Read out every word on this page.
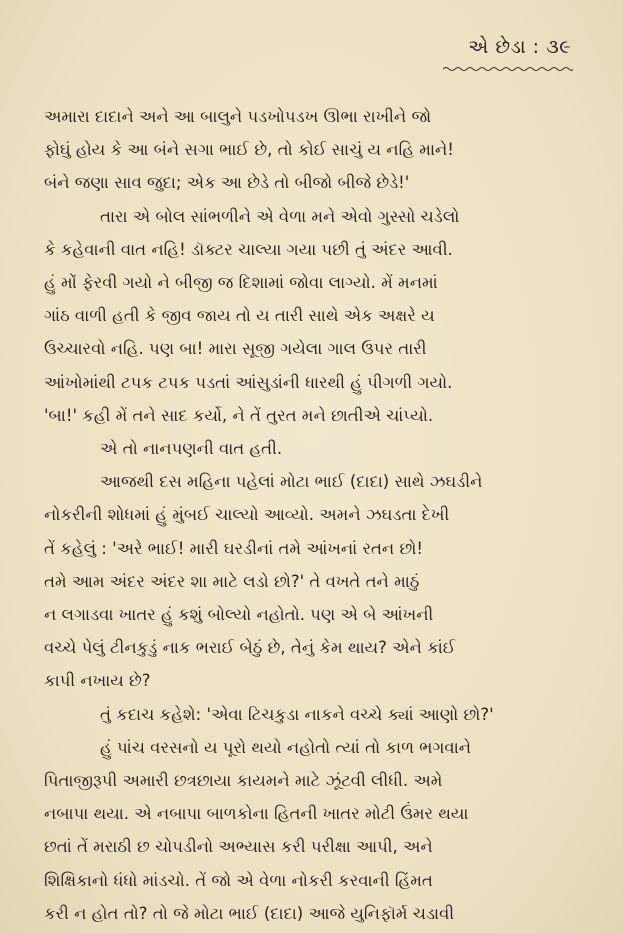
એ છેડા : ૩૯

અમારા દાદાને અને આ બાલુને પડખોપડખ ઊભા રાખીને જો

ફોઘું હોય કે આ બંને સગા ભાઈ છે, તો કોઈ સાચું ય નહિ માને!

બંને જણા સાવ જુદા; એક આ છેડે તો બીજો બીજે છેડે!'

તારા એ બોલ સાંભળીને એ વેળા મને એવો ગુસ્સો ચડેલો

કે કહેવાની વાત નહિ! ડૉક્ટર ચાલ્યા ગયા પછી તું અંદર આવી.

હું મોં ફેરવી ગયો ને બીજી જ દિશામાં જોવા લાગ્યો. મેં મનમાં

ગાંઠ વાળી હતી કે જીવ જાય તો ય તારી સાથે એક અક્ષરે ય

ઉચ્ચારવો નહિ. પણ બા! મારા સૂજી ગયેલા ગાલ ઉપર તારી

આંખોમાંથી ટપક ટપક પડતાં આંસુડાંની ધારથી હું પીગળી ગયો.

'બા!' કહી મેં તને સાદ કર્યો, ને તેં તુરત મને છાતીએ ચાંપ્યો.

એ તો નાનપણની વાત હતી.

આજથી દસ મહિના પહેલાં મોટા ભાઈ (દાદા) સાથે ઝઘડીને

નોકરીની શોધમાં હું મુંબઈ ચાલ્યો આવ્યો. અમને ઝઘડતા દેખી

તેં કહેલું : 'અરે ભાઈ! મારી ઘરડીનાં તમે આંખનાં રતન છો!

તમે આમ અંદર અંદર શા માટે લડો છો?' તે વખતે તને માઠું

ન લગાડવા ખાતર હું કશું બોલ્યો નહોતો. પણ એ બે આંખની

વચ્ચે પેલું ટીનકુડું નાક ભરાઈ બેઠું છે, તેનું કેમ થાય? એને કાંઈ

કાપી નખાય છે?

તું કદાચ કહેશે: 'એવા ટિચકુડા નાકને વચ્ચે ક્યાં આણો છો?'

હું પાંચ વરસનો ય પૂરો થયો નહોતો ત્યાં તો કાળ ભગવાને

પિતાજીરૂપી અમારી છત્રછાયા કાયમને માટે ઝૂંટવી લીધી. અમે

નબાપા થયા. એ નબાપા બાળકોના હિતની ખાતર મોટી ઉંમર થયા

છતાં તેં મરાઠી છ ચોપડીનો અભ્યાસ કરી પરીક્ષા આપી, અને

શિક્ષિકાનો ધંધો માંડચો. તેં જો એ વેળા નોકરી કરવાની હિંમત

કરી ન હોત તો? તો જે મોટા ભાઈ (દાદા) આજે યુનિફૉર્મ ચડાવી
